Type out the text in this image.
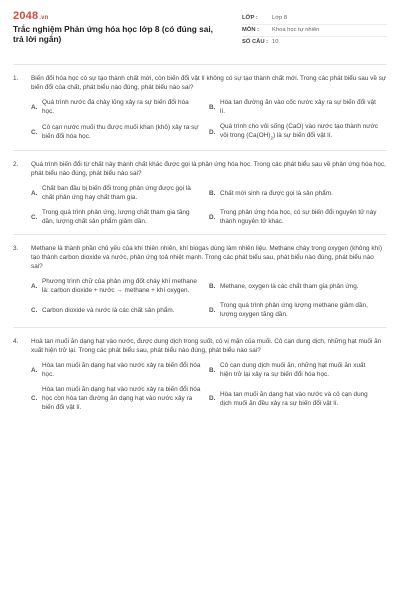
2048.vn
Trắc nghiệm Phản ứng hóa học lớp 8 (có đúng sai, trả lời ngắn)
LỚP :	Lớp 8
MÔN :	Khoa học tự nhiên
SỐ CÂU : 10
1.	Biến đổi hóa học có sự tạo thành chất mới, còn biến đổi vật lí không có sự tạo thành chất mới. Trong các phát biểu sau về sự biến đổi của chất, phát biểu nào đúng, phát biểu nào sai?
A.
Quá trình nước đá chảy lỏng xảy ra sự biến đổi hóa học.
B.
Hòa tan đường ăn vào cốc nước xảy ra sự biến đổi vật lí.
C.
Cô cạn nước muối thu được muối khan (khô) xảy ra sự biến đổi hóa học.
D.
Quá trình cho vôi sống (CaO) vào nước tạo thành nước vôi trong $(Ca(OH)_2)$ là sự biến đổi vật lí.
2.	Quá trình biến đổi từ chất này thành chất khác được gọi là phản ứng hóa học. Trong các phát biểu sau về phản ứng hóa học, phát biểu nào đúng, phát biểu nào sai?
A.
Chất ban đầu bị biến đổi trong phản ứng được gọi là chất phản ứng hay chất tham gia.
B. Chất mới sinh ra được gọi là sản phẩm.
C.
Trong quá trình phản ứng, lượng chất tham gia tăng dần, lượng chất sản phẩm giảm dần.
D.
Trong phản ứng hóa học, có sự biến đổi nguyên tử này thành nguyên tử khác.
3.	Methane là thành phần chủ yếu của khí thiên nhiên, khí biogas dùng làm nhiên liệu. Methane cháy trong oxygen (không khí) tạo thành carbon dioxide và nước, phản ứng toả nhiệt mạnh. Trong các phát biểu sau, phát biểu nào đúng, phát biểu nào sai?
A.
Phương trình chữ của phản ứng đốt cháy khí methane là: carbon dioxide + nước → methane + khí oxygen.
B. Methane, oxygen là các chất tham gia phản ứng.
C. Carbon dioxide và nước là các chất sản phẩm.	D.
Trong quá trình phản ứng lượng methane giảm dần, lượng oxygen tăng dần.
4.	Hoà tan muối ăn dạng hạt vào nước, được dung dịch trong suốt, có vị mặn của muối. Cô cạn dung dịch, những hạt muối ăn xuất hiện trở lại. Trong các phát biểu sau, phát biểu nào đúng, phát biểu nào sai?
A.
Hòa tan muối ăn dạng hạt vào nước xảy ra biến đổi hóa học.
B.
Cô cạn dung dịch muối ăn, những hạt muối ăn xuất hiện trở lại xảy ra sự biến đổi hóa học.
C.
Hòa tan muối ăn dạng hạt vào nước xảy ra biến đổi hóa học còn hòa tan đường ăn dạng hạt vào nước xảy ra biến đổi vật lí.
D.
Hòa tan muối ăn dạng hạt vào nước và cô cạn dung dịch muối ăn đều xảy ra sự biến đổi vật lí.
